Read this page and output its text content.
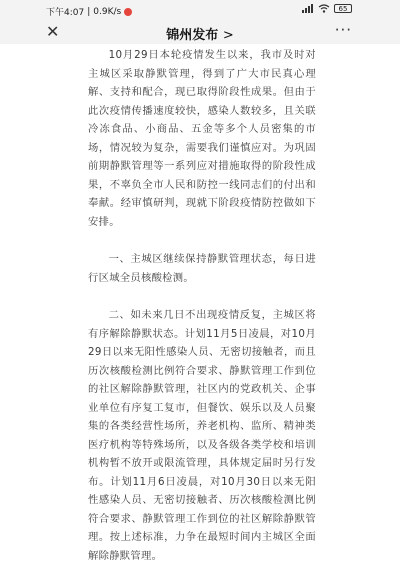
下午4:07 | 0.9K/s	65
✕	锦州发布 >	···

10月29日本轮疫情发生以来，我市及时对主城区采取静默管理，得到了广大市民真心理解、支持和配合，现已取得阶段性成果。但由于此次疫情传播速度较快，感染人数较多，且关联冷冻食品、小商品、五金等多个人员密集的市场，情况较为复杂，需要我们谨慎应对。为巩固前期静默管理等一系列应对措施取得的阶段性成果，不辜负全市人民和防控一线同志们的付出和奉献。经审慎研判，现就下阶段疫情防控做如下安排。

一、主城区继续保持静默管理状态，每日进行区域全员核酸检测。

二、如未来几日不出现疫情反复，主城区将有序解除静默状态。计划11月5日凌晨，对10月29日以来无阳性感染人员、无密切接触者，而且历次核酸检测比例符合要求、静默管理工作到位的社区解除静默管理，社区内的党政机关、企事业单位有序复工复市，但餐饮、娱乐以及人员聚集的各类经营性场所，养老机构、监所、精神类医疗机构等特殊场所，以及各级各类学校和培训机构暂不放开或限流管理，具体规定届时另行发布。计划11月6日凌晨，对10月30日以来无阳性感染人员、无密切接触者、历次核酸检测比例符合要求、静默管理工作到位的社区解除静默管理。按上述标准，力争在最短时间内主城区全面解除静默管理。
